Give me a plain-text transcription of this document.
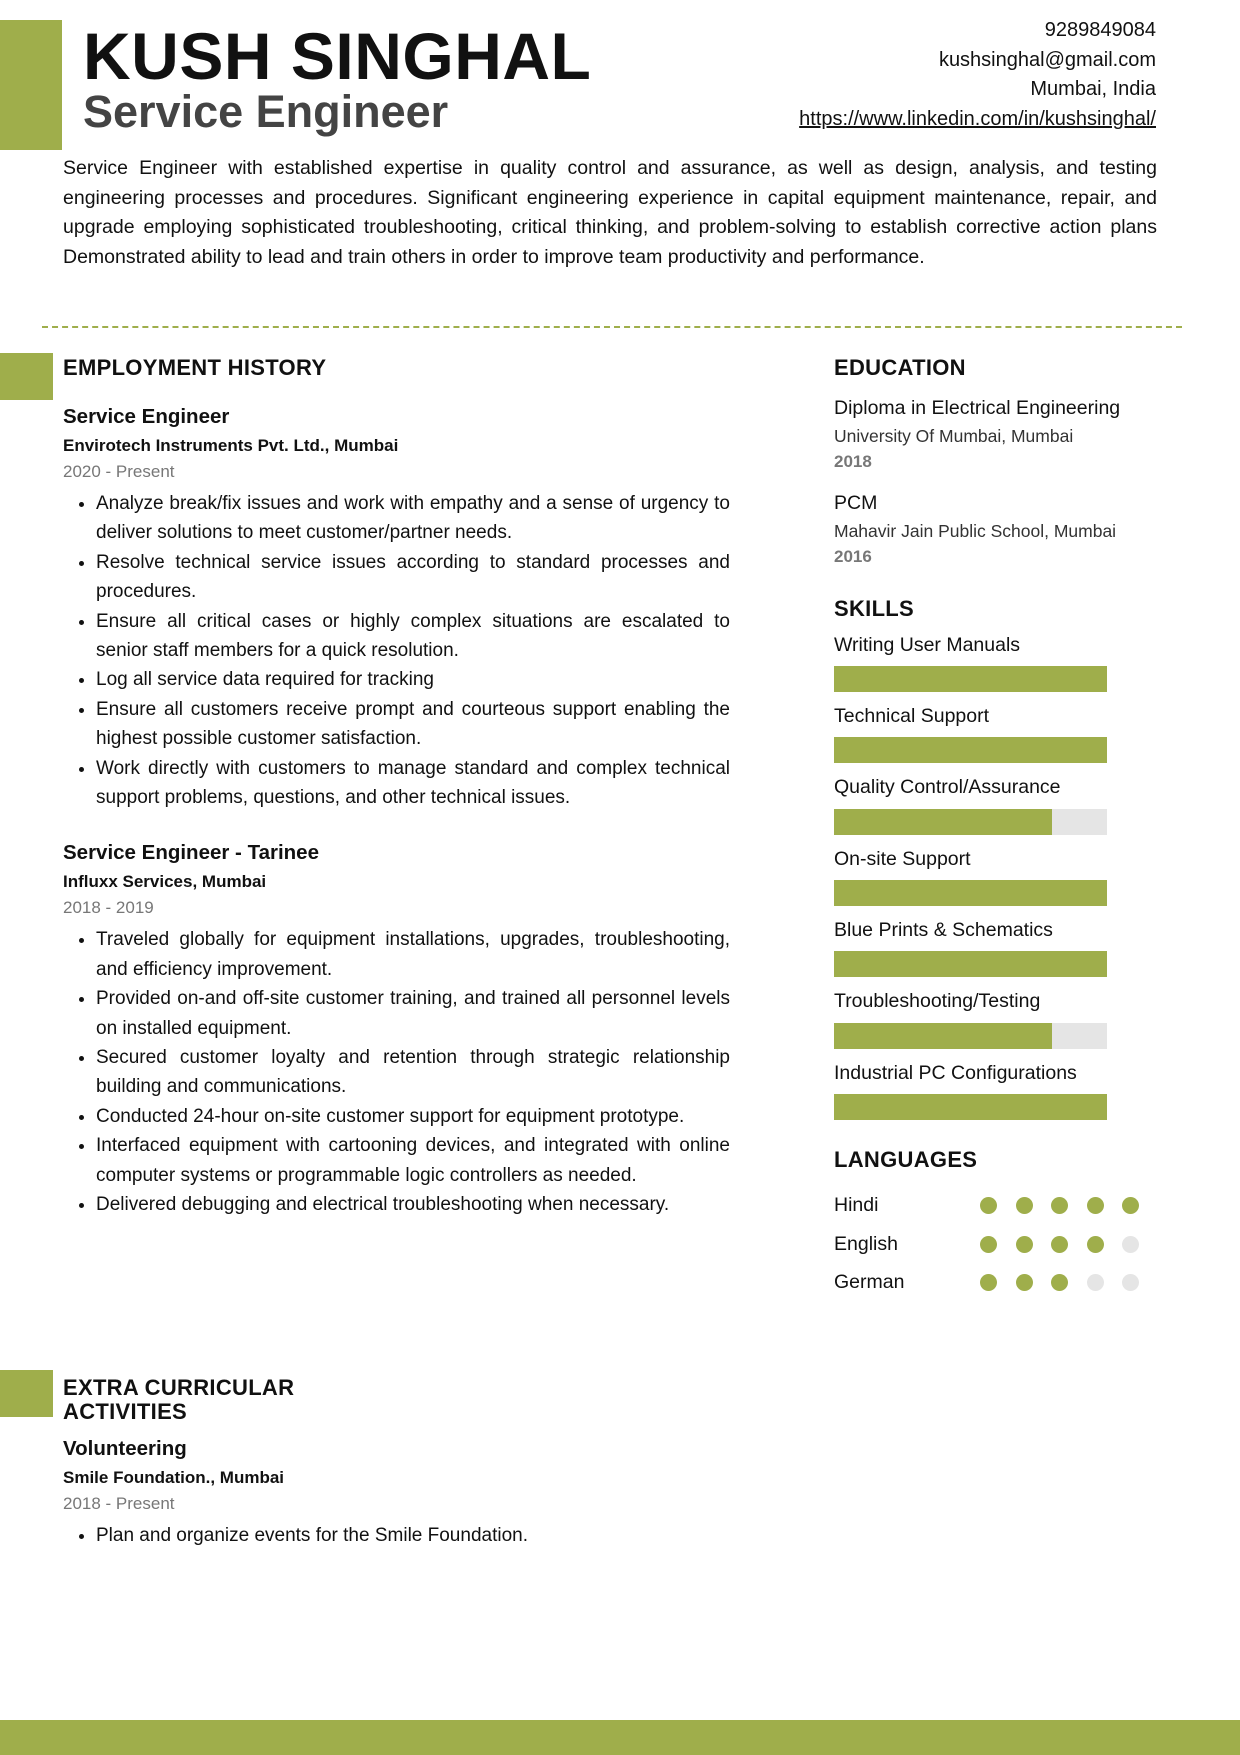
KUSH SINGHAL
Service Engineer
9289849084
kushsinghal@gmail.com
Mumbai, India
https://www.linkedin.com/in/kushsinghal/
Service Engineer with established expertise in quality control and assurance, as well as design, analysis, and testing engineering processes and procedures. Significant engineering experience in capital equipment maintenance, repair, and upgrade employing sophisticated troubleshooting, critical thinking, and problem-solving to establish corrective action plans Demonstrated ability to lead and train others in order to improve team productivity and performance.
EMPLOYMENT HISTORY
Service Engineer
Envirotech Instruments Pvt. Ltd., Mumbai
2020 - Present
• Analyze break/fix issues and work with empathy and a sense of urgency to deliver solutions to meet customer/partner needs.
• Resolve technical service issues according to standard processes and procedures.
• Ensure all critical cases or highly complex situations are escalated to senior staff members for a quick resolution.
• Log all service data required for tracking
• Ensure all customers receive prompt and courteous support enabling the highest possible customer satisfaction.
• Work directly with customers to manage standard and complex technical support problems, questions, and other technical issues.
Service Engineer - Tarinee
Influxx Services, Mumbai
2018 - 2019
• Traveled globally for equipment installations, upgrades, troubleshooting, and efficiency improvement.
• Provided on-and off-site customer training, and trained all personnel levels on installed equipment.
• Secured customer loyalty and retention through strategic relationship building and communications.
• Conducted 24-hour on-site customer support for equipment prototype.
• Interfaced equipment with cartooning devices, and integrated with online computer systems or programmable logic controllers as needed.
• Delivered debugging and electrical troubleshooting when necessary.
EXTRA CURRICULAR
ACTIVITIES
Volunteering
Smile Foundation., Mumbai
2018 - Present
• Plan and organize events for the Smile Foundation.
EDUCATION
Diploma in Electrical Engineering
University Of Mumbai, Mumbai
2018
PCM
Mahavir Jain Public School, Mumbai
2016
SKILLS
Writing User Manuals
Technical Support
Quality Control/Assurance
On-site Support
Blue Prints & Schematics
Troubleshooting/Testing
Industrial PC Configurations
LANGUAGES
Hindi
English
German
